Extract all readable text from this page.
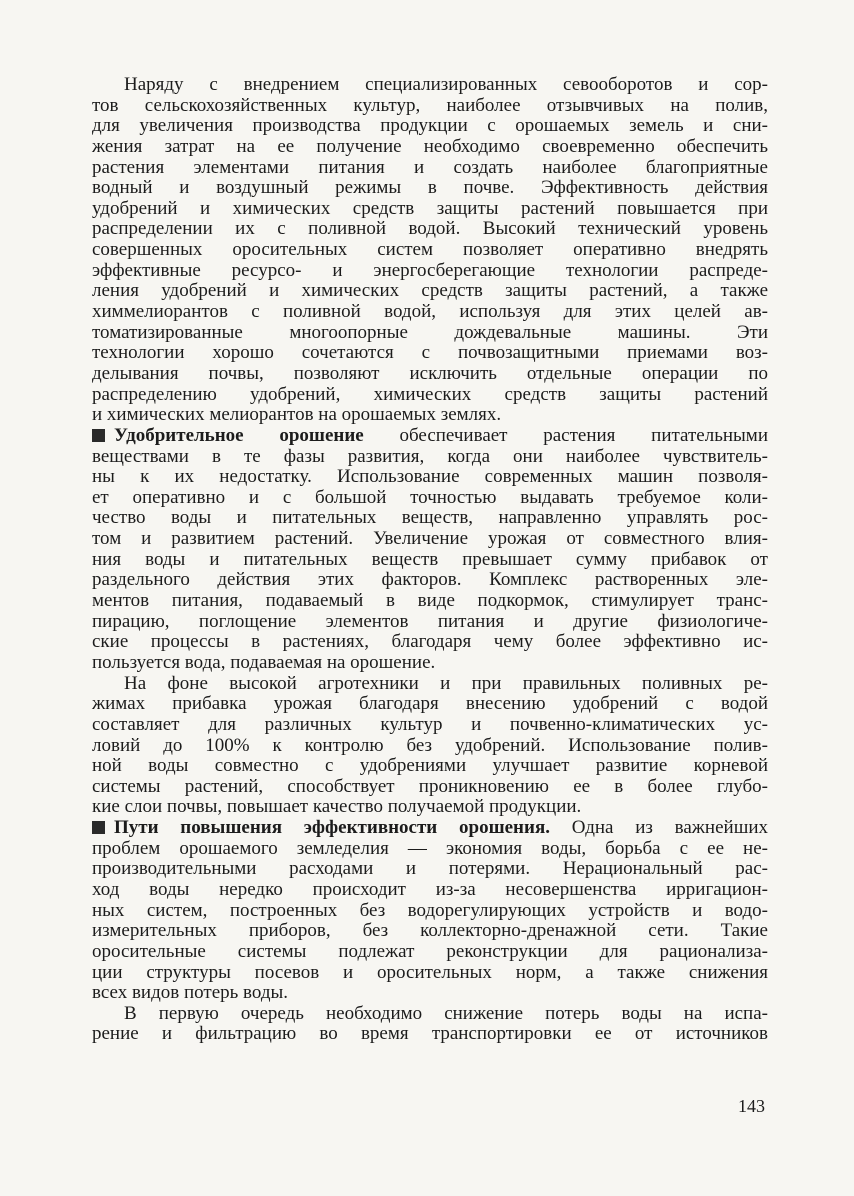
Наряду с внедрением специализированных севооборотов и сор-
тов сельскохозяйственных культур, наиболее отзывчивых на полив,
для увеличения производства продукции с орошаемых земель и сни-
жения затрат на ее получение необходимо своевременно обеспечить
растения элементами питания и создать наиболее благоприятные
водный и воздушный режимы в почве. Эффективность действия
удобрений и химических средств защиты растений повышается при
распределении их с поливной водой. Высокий технический уровень
совершенных оросительных систем позволяет оперативно внедрять
эффективные ресурсо- и энергосберегающие технологии распреде-
ления удобрений и химических средств защиты растений, а также
химмелиорантов с поливной водой, используя для этих целей ав-
томатизированные многоопорные дождевальные машины. Эти
технологии хорошо сочетаются с почвозащитными приемами воз-
делывания почвы, позволяют исключить отдельные операции по
распределению удобрений, химических средств защиты растений
и химических мелиорантов на орошаемых землях.
Удобрительное орошение обеспечивает растения питательными
веществами в те фазы развития, когда они наиболее чувствитель-
ны к их недостатку. Использование современных машин позволя-
ет оперативно и с большой точностью выдавать требуемое коли-
чество воды и питательных веществ, направленно управлять рос-
том и развитием растений. Увеличение урожая от совместного влия-
ния воды и питательных веществ превышает сумму прибавок от
раздельного действия этих факторов. Комплекс растворенных эле-
ментов питания, подаваемый в виде подкормок, стимулирует транс-
пирацию, поглощение элементов питания и другие физиологиче-
ские процессы в растениях, благодаря чему более эффективно ис-
пользуется вода, подаваемая на орошение.
На фоне высокой агротехники и при правильных поливных ре-
жимах прибавка урожая благодаря внесению удобрений с водой
составляет для различных культур и почвенно-климатических ус-
ловий до 100% к контролю без удобрений. Использование полив-
ной воды совместно с удобрениями улучшает развитие корневой
системы растений, способствует проникновению ее в более глубо-
кие слои почвы, повышает качество получаемой продукции.
Пути повышения эффективности орошения. Одна из важнейших
проблем орошаемого земледелия — экономия воды, борьба с ее не-
производительными расходами и потерями. Нерациональный рас-
ход воды нередко происходит из-за несовершенства ирригацион-
ных систем, построенных без водорегулирующих устройств и водо-
измерительных приборов, без коллекторно-дренажной сети. Такие
оросительные системы подлежат реконструкции для рационализа-
ции структуры посевов и оросительных норм, а также снижения
всех видов потерь воды.
В первую очередь необходимо снижение потерь воды на испа-
рение и фильтрацию во время транспортировки ее от источников
143
